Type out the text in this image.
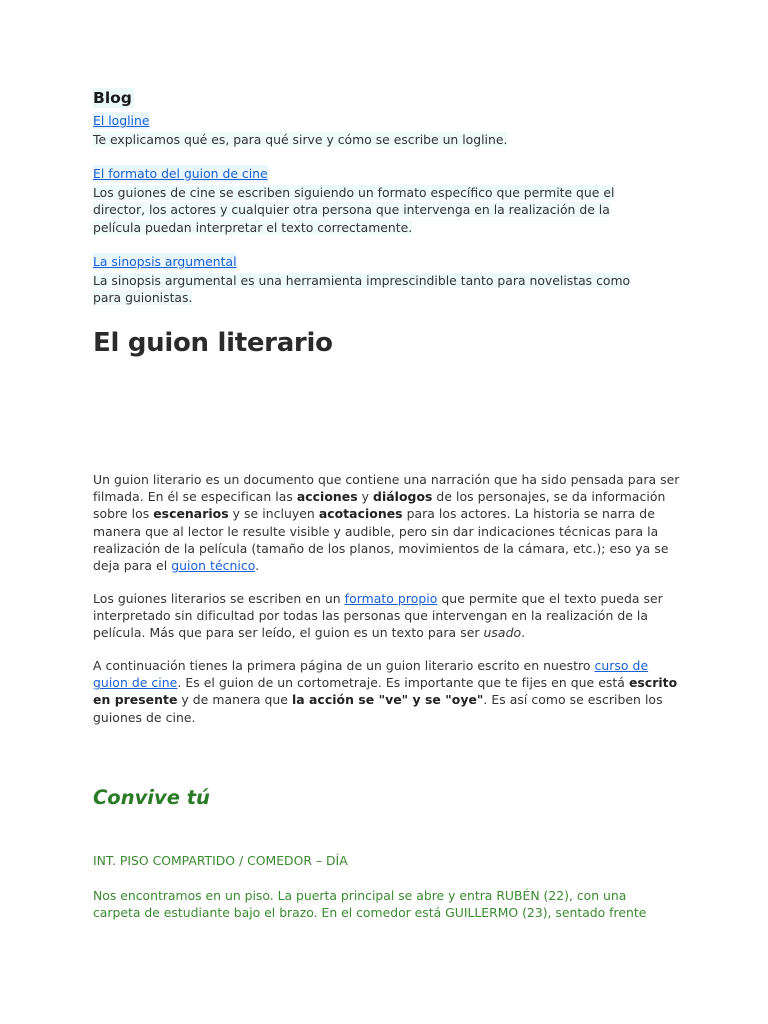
Blog
El logline
Te explicamos qué es, para qué sirve y cómo se escribe un logline.
El formato del guion de cine
Los guiones de cine se escriben siguiendo un formato específico que permite que el
director, los actores y cualquier otra persona que intervenga en la realización de la
película puedan interpretar el texto correctamente.
La sinopsis argumental
La sinopsis argumental es una herramienta imprescindible tanto para novelistas como
para guionistas.
El guion literario
Un guion literario es un documento que contiene una narración que ha sido pensada para ser filmada. En él se especifican las acciones y diálogos de los personajes, se da información sobre los escenarios y se incluyen acotaciones para los actores. La historia se narra de manera que al lector le resulte visible y audible, pero sin dar indicaciones técnicas para la realización de la película (tamaño de los planos, movimientos de la cámara, etc.); eso ya se deja para el guion técnico.
Los guiones literarios se escriben en un formato propio que permite que el texto pueda ser interpretado sin dificultad por todas las personas que intervengan en la realización de la película. Más que para ser leído, el guion es un texto para ser usado.
A continuación tienes la primera página de un guion literario escrito en nuestro curso de guion de cine. Es el guion de un cortometraje. Es importante que te fijes en que está escrito en presente y de manera que la acción se "ve" y se "oye". Es así como se escriben los guiones de cine.
Convive tú
INT. PISO COMPARTIDO / COMEDOR – DÍA
Nos encontramos en un piso. La puerta principal se abre y entra RUBÉN (22), con una
carpeta de estudiante bajo el brazo. En el comedor está GUILLERMO (23), sentado frente
